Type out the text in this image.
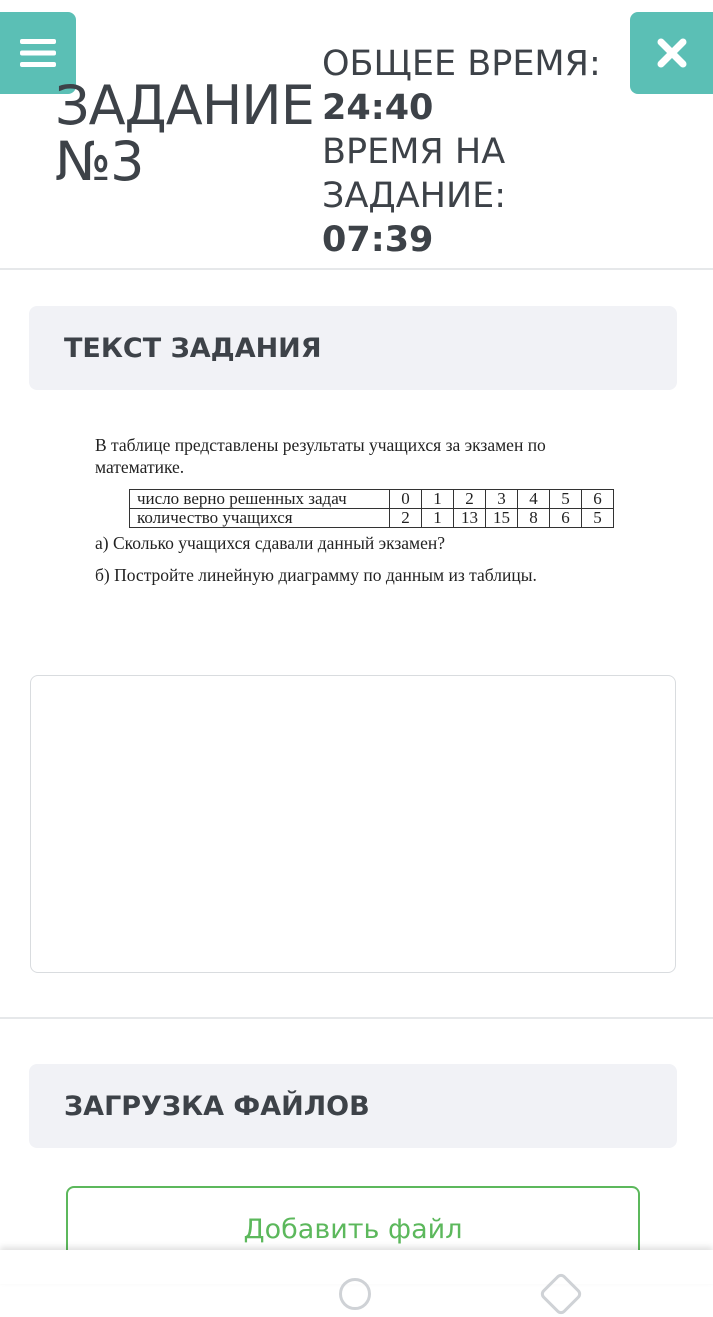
ЗАДАНИЕ
№3
ОБЩЕЕ ВРЕМЯ:
24:40
ВРЕМЯ НА
ЗАДАНИЕ: 07:39
ТЕКСТ ЗАДАНИЯ

В таблице представлены результаты учащихся за экзамен по

математике.

число верно решенных задач	0	1	2	3	4	5	6
количество учащихся	2	1	13	15	8	6	5

а) Сколько учащихся сдавали данный экзамен?

б) Постройте линейную диаграмму по данным из таблицы.

ЗАГРУЗКА ФАЙЛОВ
Добавить файл
